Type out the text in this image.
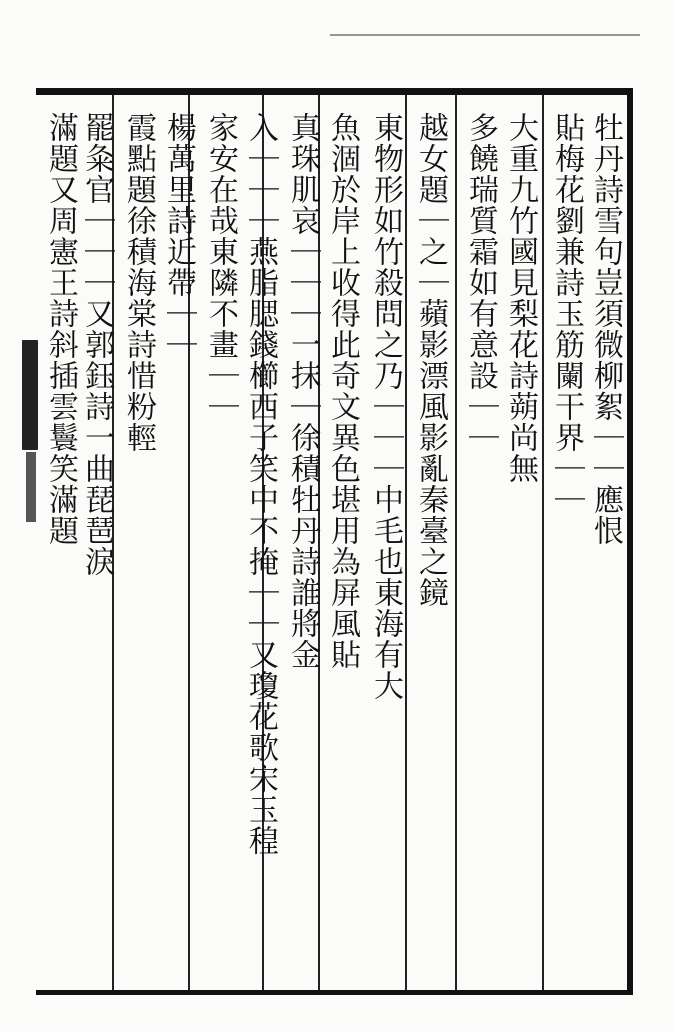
牡丹詩雪句豈須微柳絮｜｜應恨
貼梅花劉兼詩玉筋闌干界｜｜
大重九竹國見梨花詩蒴尚無
多饒瑞質霜如有意設｜｜
越女題｜之｜蘋影漂風影亂秦臺之鏡
東物形如竹殺問之乃｜｜｜中毛也東海有大
魚涸於岸上收得此奇文異色堪用為屏風貼
真珠肌哀｜｜｜一抹｜徐積牡丹詩誰將金
入｜｜｜燕脂腮錢櫛西子笑中不掩｜｜又瓊花歌宋玉䅣
家安在哉東隣不畫｜｜
楊萬里詩近帶｜｜
霞點題徐積海棠詩惜粉輕
罷粂官｜｜｜又郭鈺詩一曲琵琶淚
滿題又周憲王詩斜插雲鬟笑滿題
